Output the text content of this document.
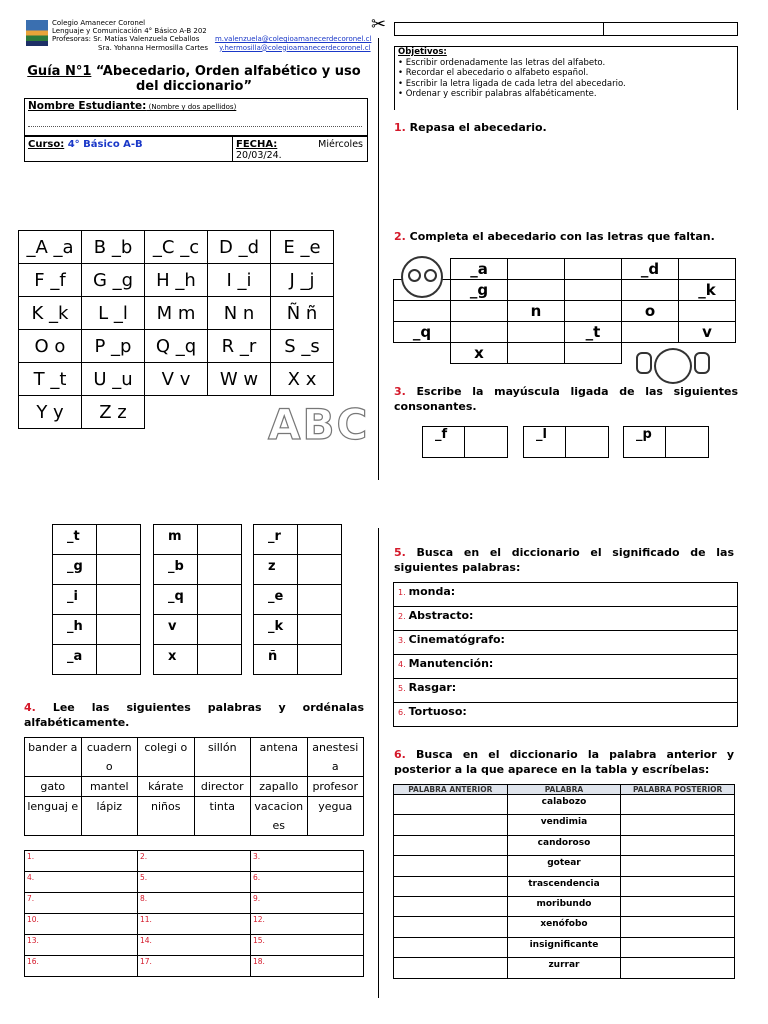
Colegio Amanecer Coronel
Lenguaje y Comunicación 4° Básico A-B 202
Profesoras: Sr. Matías Valenzuela Ceballos m.valenzuela@colegioamanecerdecoronel.cl
Sra. Yohanna Hermosilla Cartes y.hermosilla@colegioamanecerdecoronel.cl
Guía N°1 “Abecedario, Orden alfabético y uso del diccionario”
Nombre Estudiante: (Nombre y dos apellidos)
Curso: 4° Básico A-B	FECHA:	Miércoles
20/03/24.
_A _a	B _b	_C _c	D _d	E _e
F _f	G _g	H _h	I _i	J _j
K _k	L _l	M m	N n	Ñ ñ
O o	P _p	Q _q	R _r	S _s
T _t	U _u	V v	W w	X x
Y y	Z z				ABC
✂
Objetivos:
• Escribir ordenadamente las letras del alfabeto.
• Recordar el abecedario o alfabeto español.
• Escribir la letra ligada de cada letra del abecedario.
• Ordenar y escribir palabras alfabéticamente.
1. Repasa el abecedario.
2. Completa el abecedario con las letras que faltan.
	_a			_d	
	_g				_k
		n		o	
_q			_t		v
	x				
3. Escribe la mayúscula ligada de las siguientes consonantes.
_f	_l	_p
_t	
_g	
_i	
_h	
_a	
m	
_b	
_q	
v	
x	
_r	
z	
_e	
_k	
ñ	
4. Lee las siguientes palabras y ordénalas alfabéticamente.
bander a	cuadern o	colegi o	sillón	antena	anestesi a
gato	mantel	kárate	director	zapallo	profesor
lenguaj e	lápiz	niños	tinta	vacacion es	yegua
1.	2.	3.
4.	5.	6.
7.	8.	9.
10.	11.	12.
13.	14.	15.
16.	17.	18.
5. Busca en el diccionario el significado de las siguientes palabras:
1. monda:
2. Abstracto:
3. Cinematógrafo:
4. Manutención:
5. Rasgar:
6. Tortuoso:
6. Busca en el diccionario la palabra anterior y posterior a la que aparece en la tabla y escríbelas:
PALABRA ANTERIOR	PALABRA	PALABRA POSTERIOR
	calabozo	
	vendimia	
	candoroso	
	gotear	
	trascendencia	
	moribundo	
	xenófobo	
	insignificante	
	zurrar	
